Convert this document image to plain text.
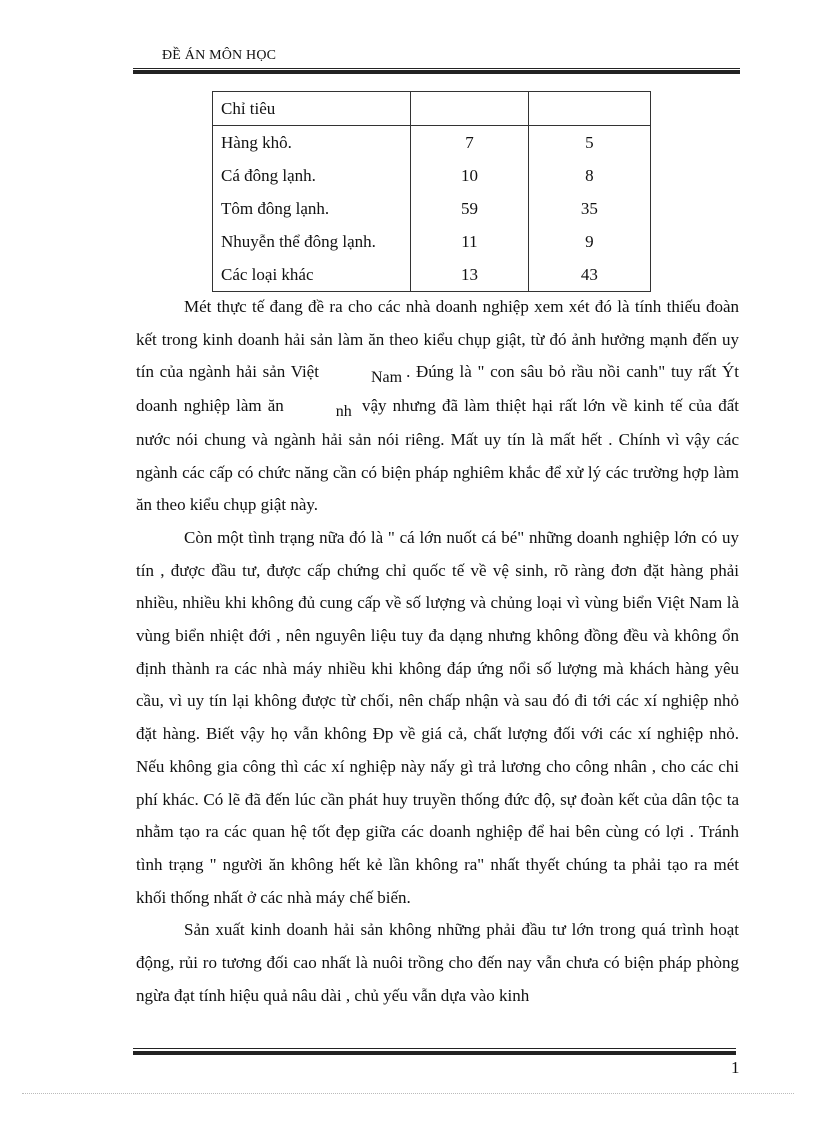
ĐỀ ÁN MÔN HỌC
Chỉ tiêu		
Hàng khô.	7	5
Cá đông lạnh.	10	8
Tôm đông lạnh.	59	35
Nhuyễn thể đông lạnh.	11	9
Các loại khác	13	43

Mét thực tế đang đề ra cho các nhà doanh nghiệp xem xét đó là tính thiếu đoàn kết trong kinh doanh hải sản làm ăn theo kiểu chụp giật, từ đó ảnh hưởng mạnh đến uy tín của ngành hải sản Việt	Nam . Đúng là " con sâu bỏ rầu nồi canh" tuy rất Ýt doanh nghiệp làm ăn	nh vậy nhưng đã làm thiệt hại rất lớn về kinh tế của đất nước nói chung và ngành hải sản nói riêng. Mất uy tín là mất hết . Chính vì vậy các ngành các cấp có chức năng cần có biện pháp nghiêm khắc để xử lý các trường hợp làm ăn theo kiểu chụp giật này.

Còn một tình trạng nữa đó là " cá lớn nuốt cá bé" những doanh nghiệp lớn có uy tín , được đầu tư, được cấp chứng chỉ quốc tế về vệ sinh, rõ ràng đơn đặt hàng phải nhiều, nhiều khi không đủ cung cấp về số lượng và chủng loại vì vùng biển Việt Nam là vùng biển nhiệt đới , nên nguyên liệu tuy đa dạng nhưng không đồng đều và không ổn định thành ra các nhà máy nhiều khi không đáp ứng nổi số lượng mà khách hàng yêu cầu, vì uy tín lại không được từ chối, nên chấp nhận và sau đó đi tới các xí nghiệp nhỏ đặt hàng. Biết vậy họ vẫn không Ðp về giá cả, chất lượng đối với các xí nghiệp nhỏ. Nếu không gia công thì các xí nghiệp này nấy gì trả lương cho công nhân , cho các chi phí khác. Có lẽ đã đến lúc cần phát huy truyền thống đức độ, sự đoàn kết của dân tộc ta nhằm tạo ra các quan hệ tốt đẹp giữa các doanh nghiệp để hai bên cùng có lợi . Tránh tình trạng " người ăn không hết kẻ lần không ra" nhất thyết chúng ta phải tạo ra mét khối thống nhất ở các nhà máy chế biến.

Sản xuất kinh doanh hải sản không những phải đầu tư lớn trong quá trình hoạt động, rủi ro tương đối cao nhất là nuôi trồng cho đến nay vẫn chưa có biện pháp phòng ngừa đạt tính hiệu quả nâu dài , chủ yếu vẫn dựa vào kinh

1
